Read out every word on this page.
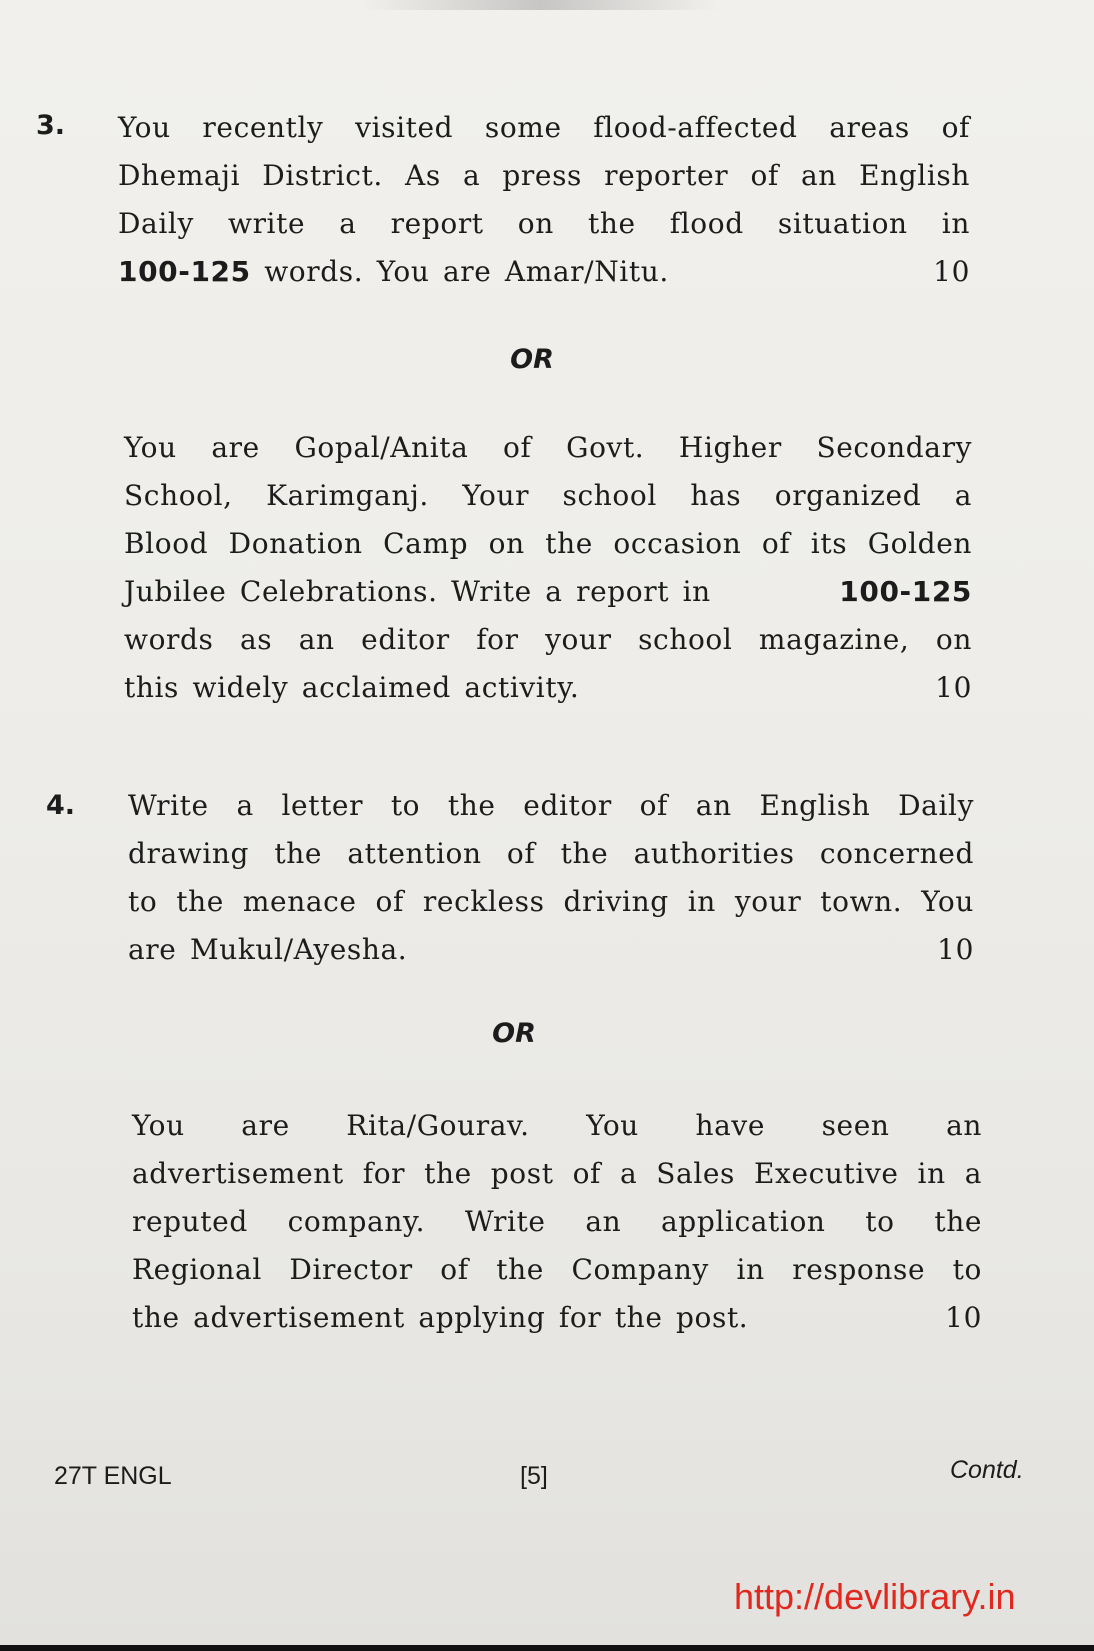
3. You recently visited some flood-affected areas of
Dhemaji District. As a press reporter of an English
Daily write a report on the flood situation in
100-125 words. You are Amar/Nitu.	10
OR
You are Gopal/Anita of Govt. Higher Secondary
School, Karimganj. Your school has organized a
Blood Donation Camp on the occasion of its Golden
Jubilee Celebrations. Write a report in	100-125
words as an editor for your school magazine, on
this widely acclaimed activity.	10
4. Write a letter to the editor of an English Daily
drawing the attention of the authorities concerned
to the menace of reckless driving in your town. You
are Mukul/Ayesha.	10
OR
You are Rita/Gourav. You have seen an
advertisement for the post of a Sales Executive in a
reputed company. Write an application to the
Regional Director of the Company in response to
the advertisement applying for the post.	10
27T ENGL	[5]	Contd.
http://devlibrary.in
